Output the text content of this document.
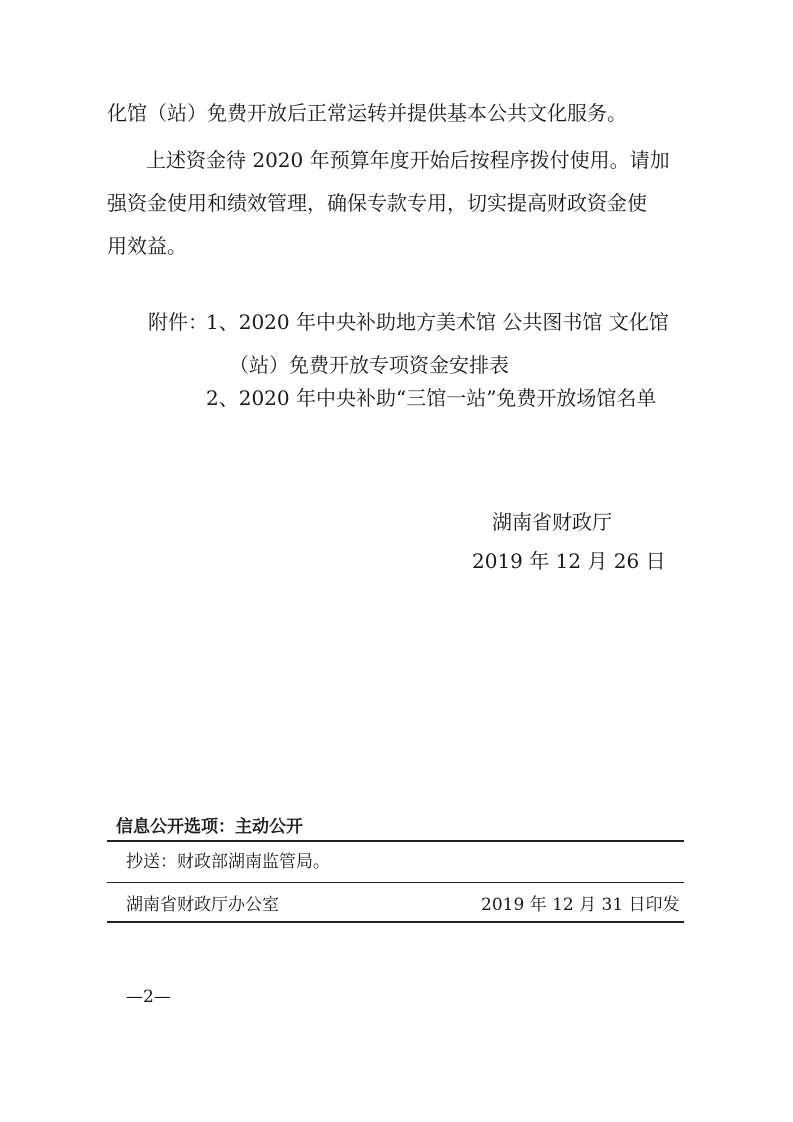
化馆（站）免费开放后正常运转并提供基本公共文化服务。
上述资金待 2020 年预算年度开始后按程序拨付使用。请加
强资金使用和绩效管理，确保专款专用，切实提高财政资金使
用效益。
附件：
1、2020 年中央补助地方美术馆 公共图书馆 文化馆
（站）免费开放专项资金安排表
2、2020 年中央补助“三馆一站”免费开放场馆名单
湖南省财政厅
2019 年 12 月 26 日
信息公开选项：主动公开
抄送：财政部湖南监管局。
湖南省财政厅办公室	2019 年 12 月 31 日印发
—2—
